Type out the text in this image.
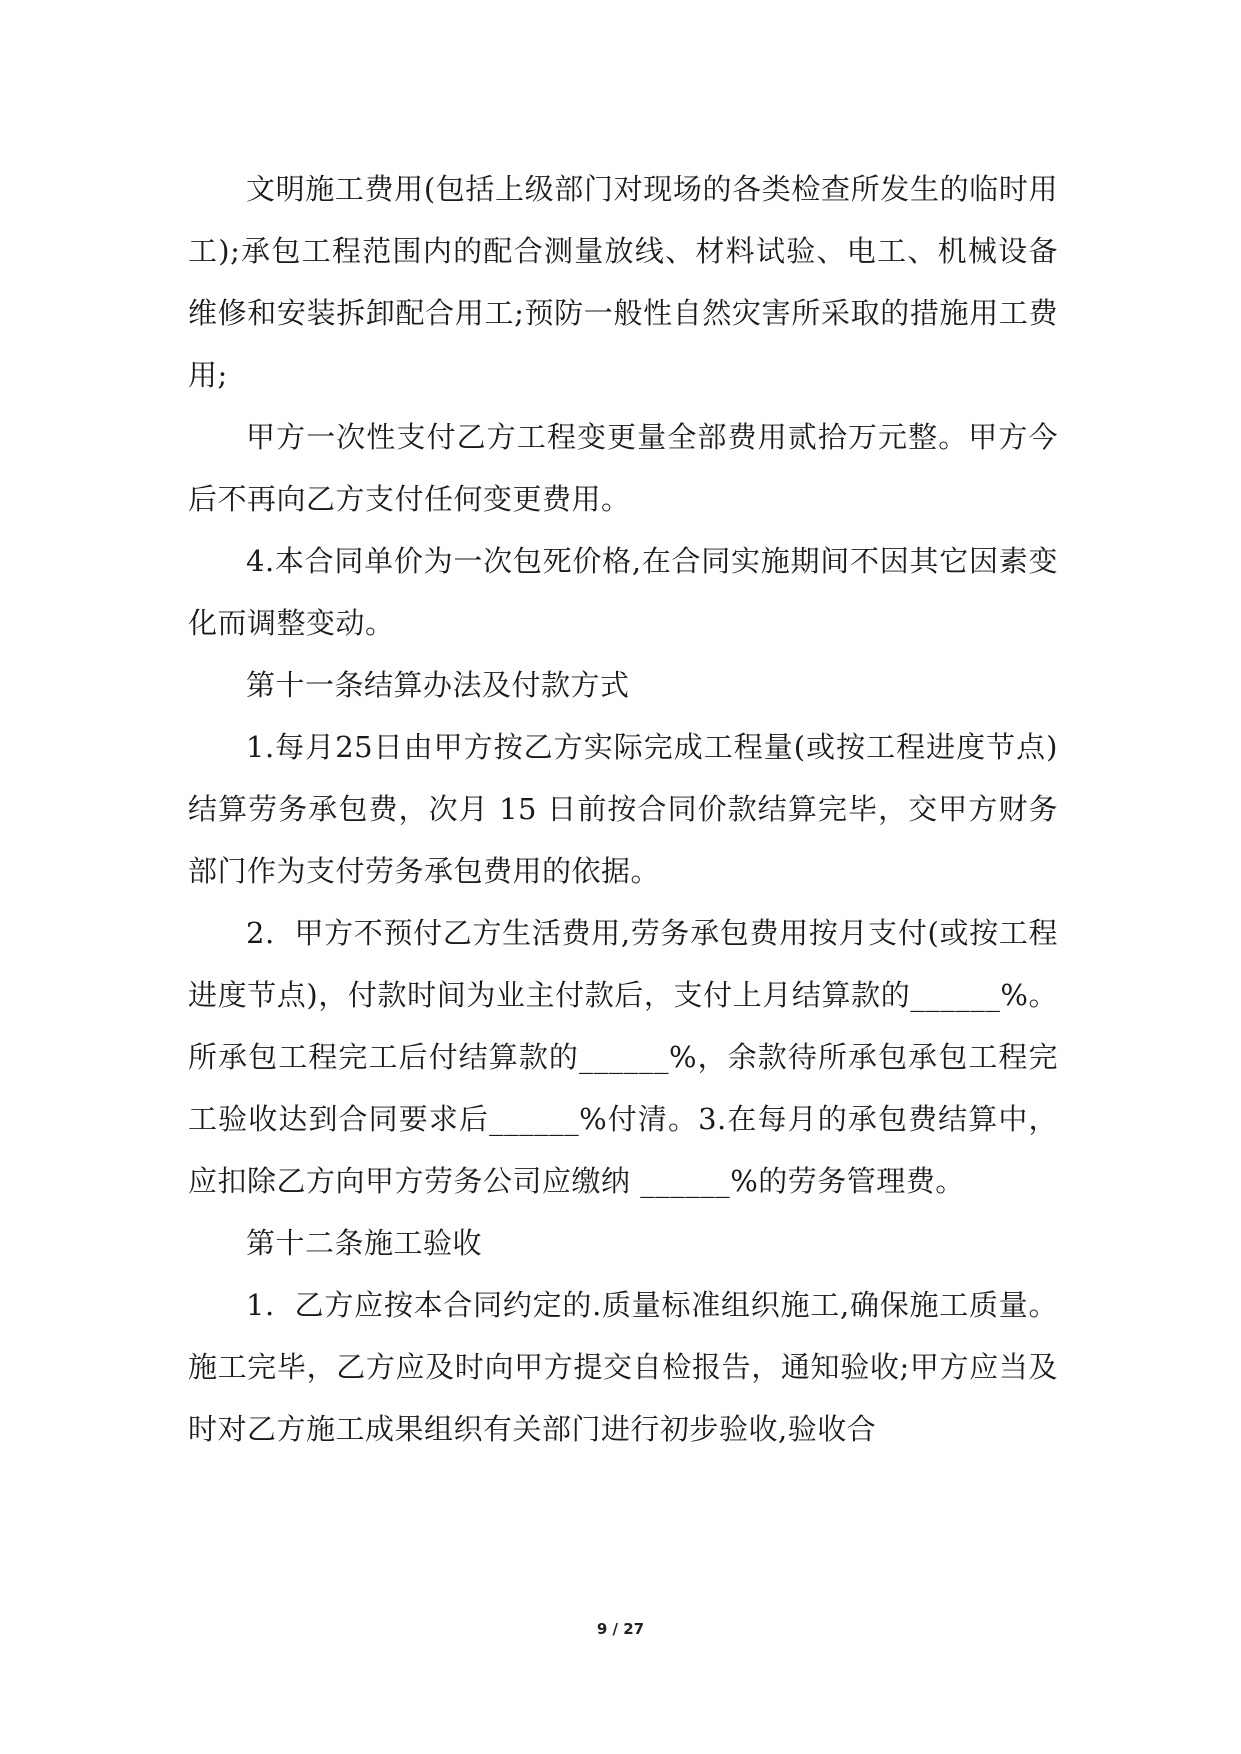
文明施工费用(包括上级部门对现场的各类检查所发生的临时用工);承包工程范围内的配合测量放线、材料试验、电工、机械设备维修和安装拆卸配合用工;预防一般性自然灾害所采取的措施用工费用;

甲方一次性支付乙方工程变更量全部费用贰拾万元整。甲方今后不再向乙方支付任何变更费用。

4.本合同单价为一次包死价格,在合同实施期间不因其它因素变化而调整变动。

第十一条结算办法及付款方式

1.每月25日由甲方按乙方实际完成工程量(或按工程进度节点)结算劳务承包费，次月 15 日前按合同价款结算完毕，交甲方财务部门作为支付劳务承包费用的依据。

2.  甲方不预付乙方生活费用,劳务承包费用按月支付(或按工程进度节点)，付款时间为业主付款后，支付上月结算款的______%。所承包工程完工后付结算款的______%，余款待所承包承包工程完工验收达到合同要求后______%付清。3.在每月的承包费结算中，应扣除乙方向甲方劳务公司应缴纳 ______%的劳务管理费。

第十二条施工验收

1.  乙方应按本合同约定的.质量标准组织施工,确保施工质量。施工完毕，乙方应及时向甲方提交自检报告，通知验收;甲方应当及时对乙方施工成果组织有关部门进行初步验收,验收合

9 / 27
